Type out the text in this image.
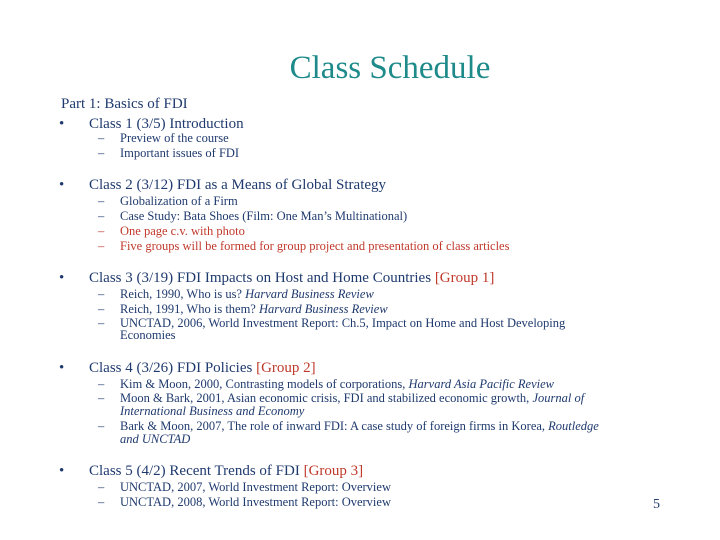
Class Schedule
Part 1: Basics of FDI
• Class 1 (3/5) Introduction
– Preview of the course
– Important issues of FDI
• Class 2 (3/12) FDI as a Means of Global Strategy
– Globalization of a Firm
– Case Study: Bata Shoes (Film: One Man’s Multinational)
– One page c.v. with photo
– Five groups will be formed for group project and presentation of class articles
• Class 3 (3/19) FDI Impacts on Host and Home Countries [Group 1]
– Reich, 1990, Who is us? Harvard Business Review
– Reich, 1991, Who is them? Harvard Business Review
– UNCTAD, 2006, World Investment Report: Ch.5, Impact on Home and Host Developing
Economies
• Class 4 (3/26) FDI Policies [Group 2]
– Kim & Moon, 2000, Contrasting models of corporations, Harvard Asia Pacific Review
– Moon & Bark, 2001, Asian economic crisis, FDI and stabilized economic growth, Journal of
International Business and Economy
– Bark & Moon, 2007, The role of inward FDI: A case study of foreign firms in Korea, Routledge
and UNCTAD
• Class 5 (4/2) Recent Trends of FDI [Group 3]
– UNCTAD, 2007, World Investment Report: Overview
– UNCTAD, 2008, World Investment Report: Overview	5
